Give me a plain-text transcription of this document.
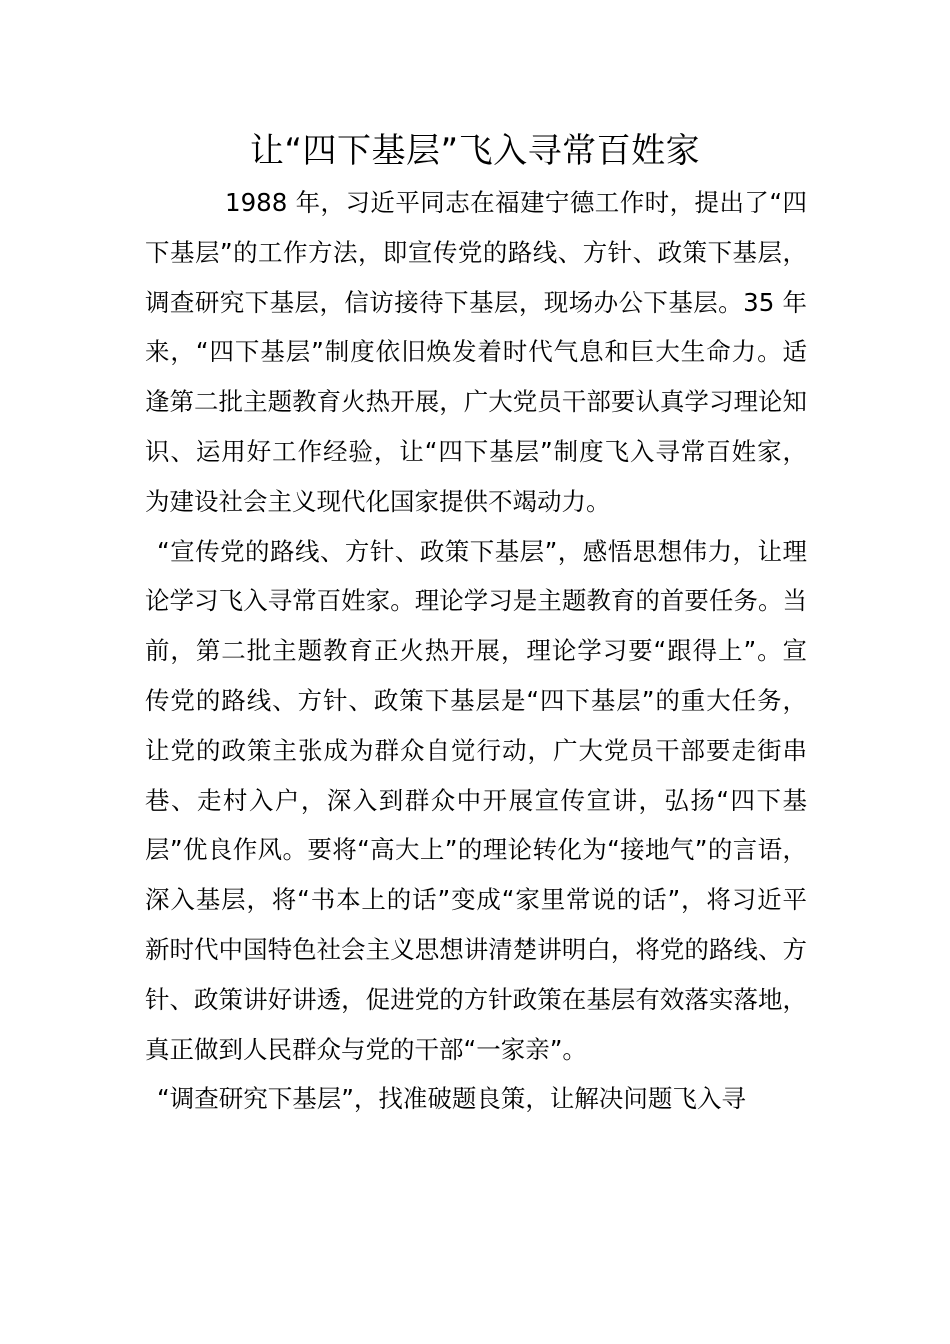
让“四下基层”飞入寻常百姓家

1988 年，习近平同志在福建宁德工作时，提出了“四下基层”的工作方法，即宣传党的路线、方针、政策下基层，调查研究下基层，信访接待下基层，现场办公下基层。35 年来，“四下基层”制度依旧焕发着时代气息和巨大生命力。适逢第二批主题教育火热开展，广大党员干部要认真学习理论知识、运用好工作经验，让“四下基层”制度飞入寻常百姓家，为建设社会主义现代化国家提供不竭动力。

“宣传党的路线、方针、政策下基层”，感悟思想伟力，让理论学习飞入寻常百姓家。理论学习是主题教育的首要任务。当前，第二批主题教育正火热开展，理论学习要“跟得上”。宣传党的路线、方针、政策下基层是“四下基层”的重大任务，让党的政策主张成为群众自觉行动，广大党员干部要走街串巷、走村入户，深入到群众中开展宣传宣讲，弘扬“四下基层”优良作风。要将“高大上”的理论转化为“接地气”的言语，深入基层，将“书本上的话”变成“家里常说的话”，将习近平新时代中国特色社会主义思想讲清楚讲明白，将党的路线、方针、政策讲好讲透，促进党的方针政策在基层有效落实落地，真正做到人民群众与党的干部“一家亲”。

“调查研究下基层”，找准破题良策，让解决问题飞入寻
